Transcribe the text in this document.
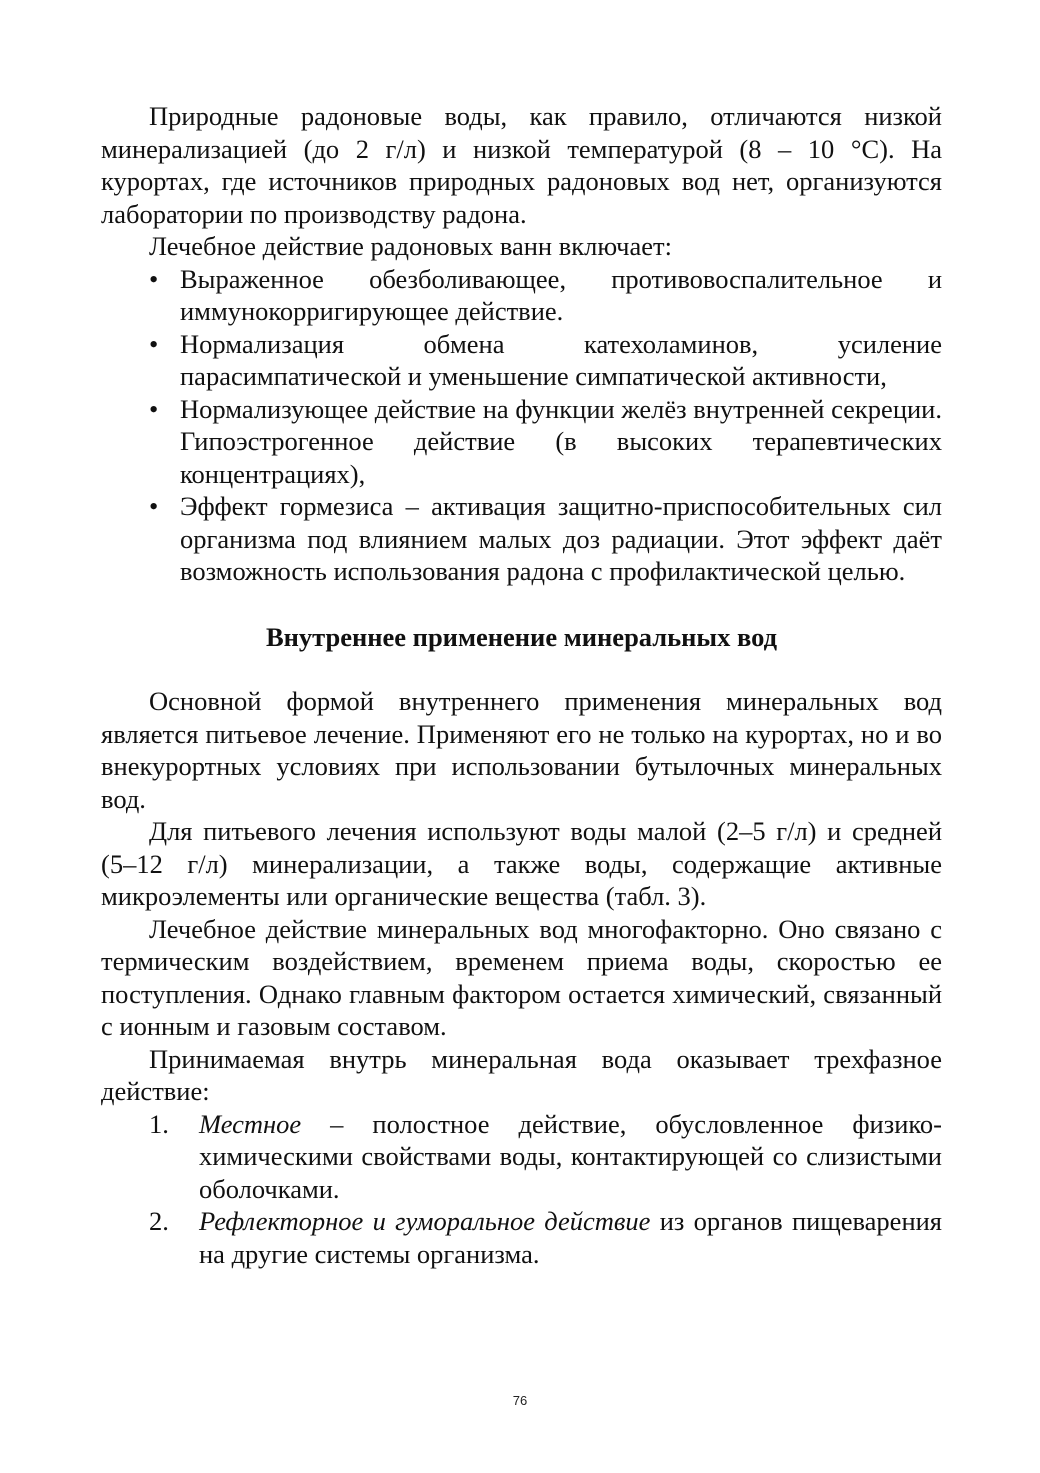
Природные радоновые воды, как правило, отличаются низкой минерализацией (до 2 г/л) и низкой температурой (8 – 10 °С). На курортах, где источников природных радоновых вод нет, организуются лаборатории по производству радона.

Лечебное действие радоновых ванн включает:

• Выраженное обезболивающее, противовоспалительное и иммунокорригирующее действие.
• Нормализация обмена катехоламинов, усиление парасимпатической и уменьшение симпатической активности,
• Нормализующее действие на функции желёз внутренней секреции. Гипоэстрогенное действие (в высоких терапевтических концентрациях),
• Эффект гормезиса – активация защитно-приспособительных сил организма под влиянием малых доз радиации. Этот эффект даёт возможность использования радона с профилактической целью.

Внутреннее применение минеральных вод

Основной формой внутреннего применения минеральных вод является питьевое лечение. Применяют его не только на курортах, но и во внекурортных условиях при использовании бутылочных минеральных вод.

Для питьевого лечения используют воды малой (2–5 г/л) и средней (5–12 г/л) минерализации, а также воды, содержащие активные микроэлементы или органические вещества (табл. 3).

Лечебное действие минеральных вод многофакторно. Оно связано с термическим воздействием, временем приема воды, скоростью ее поступления. Однако главным фактором остается химический, связанный с ионным и газовым составом.

Принимаемая внутрь минеральная вода оказывает трехфазное действие:

1. Местное – полостное действие, обусловленное физико-химическими свойствами воды, контактирующей со слизистыми оболочками.
2. Рефлекторное и гуморальное действие из органов пищеварения на другие системы организма.
76
